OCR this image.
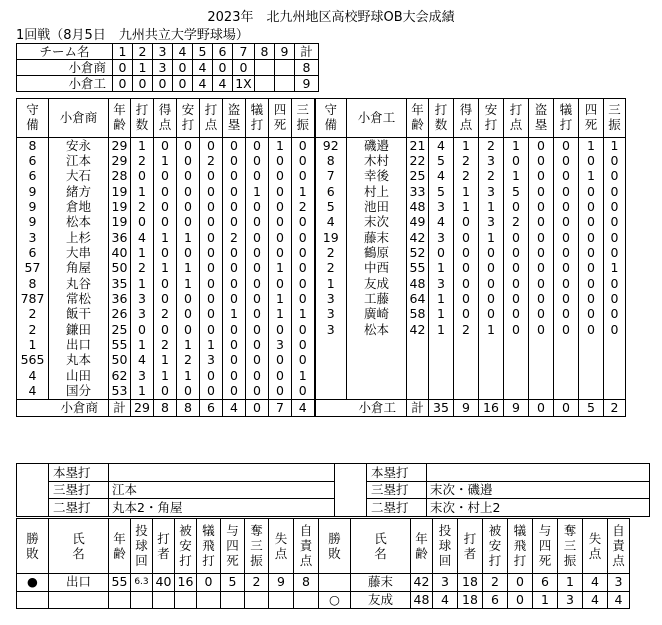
2023年　北九州地区高校野球OB大会成績
1回戦（8月5日　九州共立大学野球場）
チーム名	1	2	3	4	5	6	7	8	9	計
小倉商	0	1	3	0	4	0	0			8
小倉工	0	0	0	0	4	4	1X			9
守備	小倉商	年齢	打数	得点	安打	打点	盗塁	犠打	四死	三振	守備	小倉工	年齢	打数	得点	安打	打点	盗塁	犠打	四死	三振
8	安永	29	1	0	0	0	0	0	1	0	92	磯邉	21	4	1	2	1	0	0	1	1
6	江本	29	2	1	0	2	0	0	0	0	8	木村	22	5	2	3	0	0	0	0	0
6	大石	28	0	0	0	0	0	0	0	0	7	幸後	25	4	2	2	1	0	0	1	0
9	緒方	19	1	0	0	0	0	1	0	1	6	村上	33	5	1	3	5	0	0	0	0
9	倉地	19	2	0	0	0	0	0	0	2	5	池田	48	3	1	1	0	0	0	0	0
9	松本	19	0	0	0	0	0	0	0	0	4	末次	49	4	0	3	2	0	0	0	0
3	上杉	36	4	1	1	0	2	0	0	0	19	藤末	42	3	0	1	0	0	0	0	0
6	大串	40	1	0	0	0	0	0	0	0	2	鶴原	52	0	0	0	0	0	0	0	0
57	角屋	50	2	1	1	0	0	0	1	0	2	中西	55	1	0	0	0	0	0	0	1
8	丸谷	35	1	0	1	0	0	0	0	0	1	友成	48	3	0	0	0	0	0	0	0
787	常松	36	3	0	0	0	0	0	1	0	3	工藤	64	1	0	0	0	0	0	0	0
2	飯干	26	3	2	0	0	1	0	1	1	3	廣崎	58	1	0	0	0	0	0	0	0
2	鎌田	25	0	0	0	0	0	0	0	0	3	松本	42	1	2	1	0	0	0	0	0
1	出口	55	1	2	1	1	0	0	3	0											
565	丸本	50	4	1	2	3	0	0	0	0											
4	山田	62	3	1	1	0	0	0	0	1											
4	国分	53	1	0	0	0	0	0	0	0											
小倉商		計	29	8	8	6	4	0	7	4	小倉工		計	35	9	16	9	0	0	5	2
	本塁打			本塁打	
	三塁打	江本		三塁打	末次・磯邉
	二塁打	丸本2・角屋		二塁打	末次・村上2
勝敗	氏名	年齢	投球回	打者	被安打	犠飛打	与四死	奪三振	失点	自責点	勝敗	氏名	年齢	投球回	打者	被安打	犠飛打	与四死	奪三振	失点	自責点
●	出口	55	6.3	40	16	0	5	2	9	8		藤末	42	3	18	2	0	6	1	4	3
											○	友成	48	4	18	6	0	1	3	4	4
